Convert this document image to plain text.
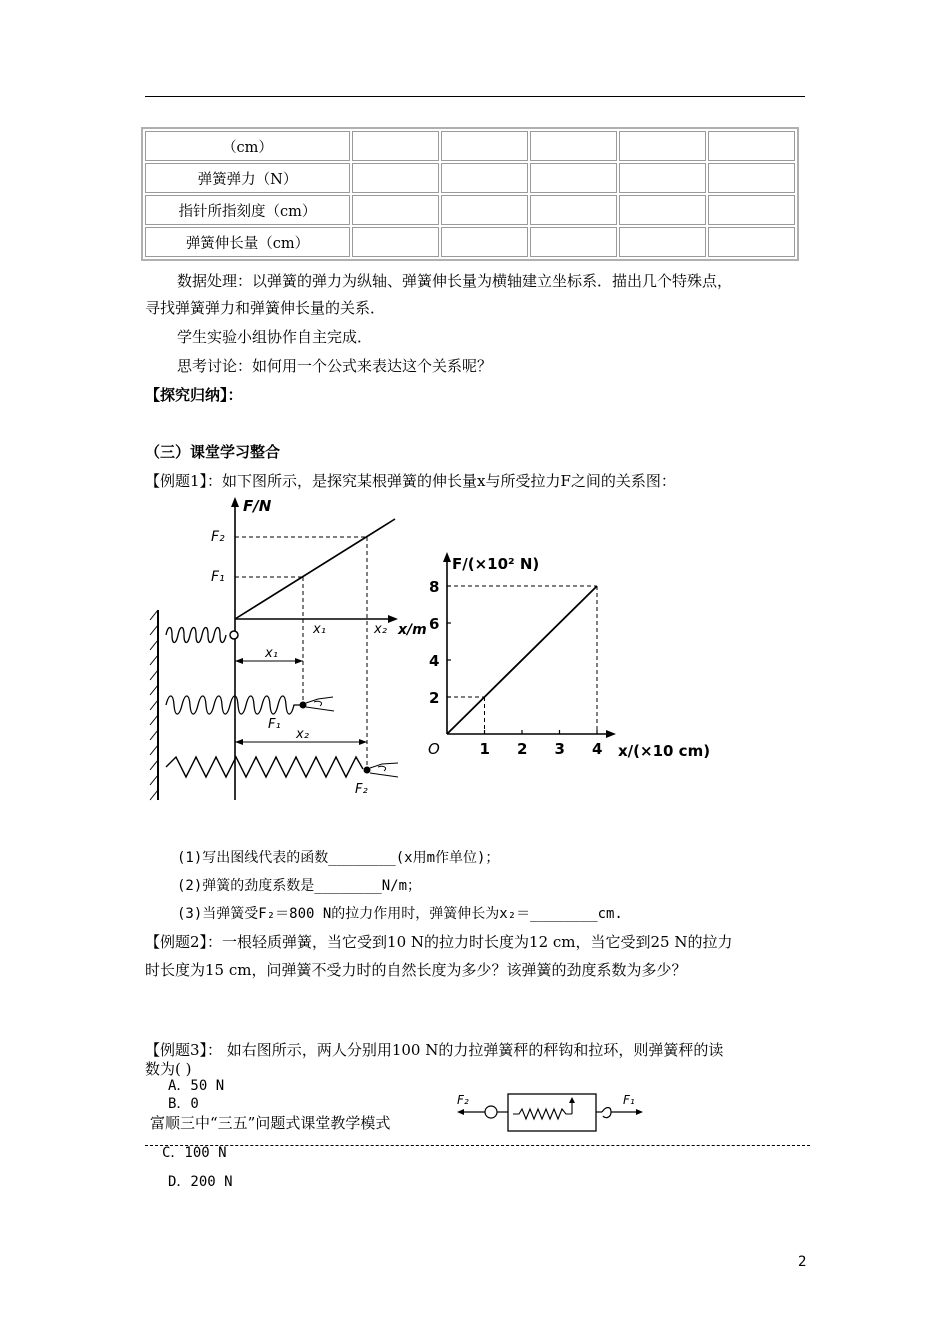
（cm）					
弹簧弹力（N）					
指针所指刻度（cm）					
弹簧伸长量（cm）					
数据处理：以弹簧的弹力为纵轴、弹簧伸长量为横轴建立坐标系．描出几个特殊点，
寻找弹簧弹力和弹簧伸长量的关系．
学生实验小组协作自主完成．
思考讨论：如何用一个公式来表达这个关系呢？
【探究归纳】：
（三）课堂学习整合
【例题1】：如下图所示，是探究某根弹簧的伸长量x与所受拉力F之间的关系图：
F/N
x/m
F₂
F₁
x₁	x₂
x₁
F₁
x₂
F₂
1 2 3 4
2
4
6
8
F/(×10² N)
x/(×10 cm)
O
(1)写出图线代表的函数________(x用m作单位)；
(2)弹簧的劲度系数是________N/m；
(3)当弹簧受F₂＝800 N的拉力作用时，弹簧伸长为x₂＝________cm.
【例题2】：一根轻质弹簧，当它受到10 N的拉力时长度为12 cm，当它受到25 N的拉力
时长度为15 cm，问弹簧不受力时的自然长度为多少？该弹簧的劲度系数为多少？
【例题3】： 如右图所示，两人分别用100 N的力拉弹簧秤的秤钩和拉环，则弹簧秤的读
数为( )
A．50 N
B．0
富顺三中“三五”问题式课堂教学模式
C．100 N
D．200 N
F₂	F₁
2
